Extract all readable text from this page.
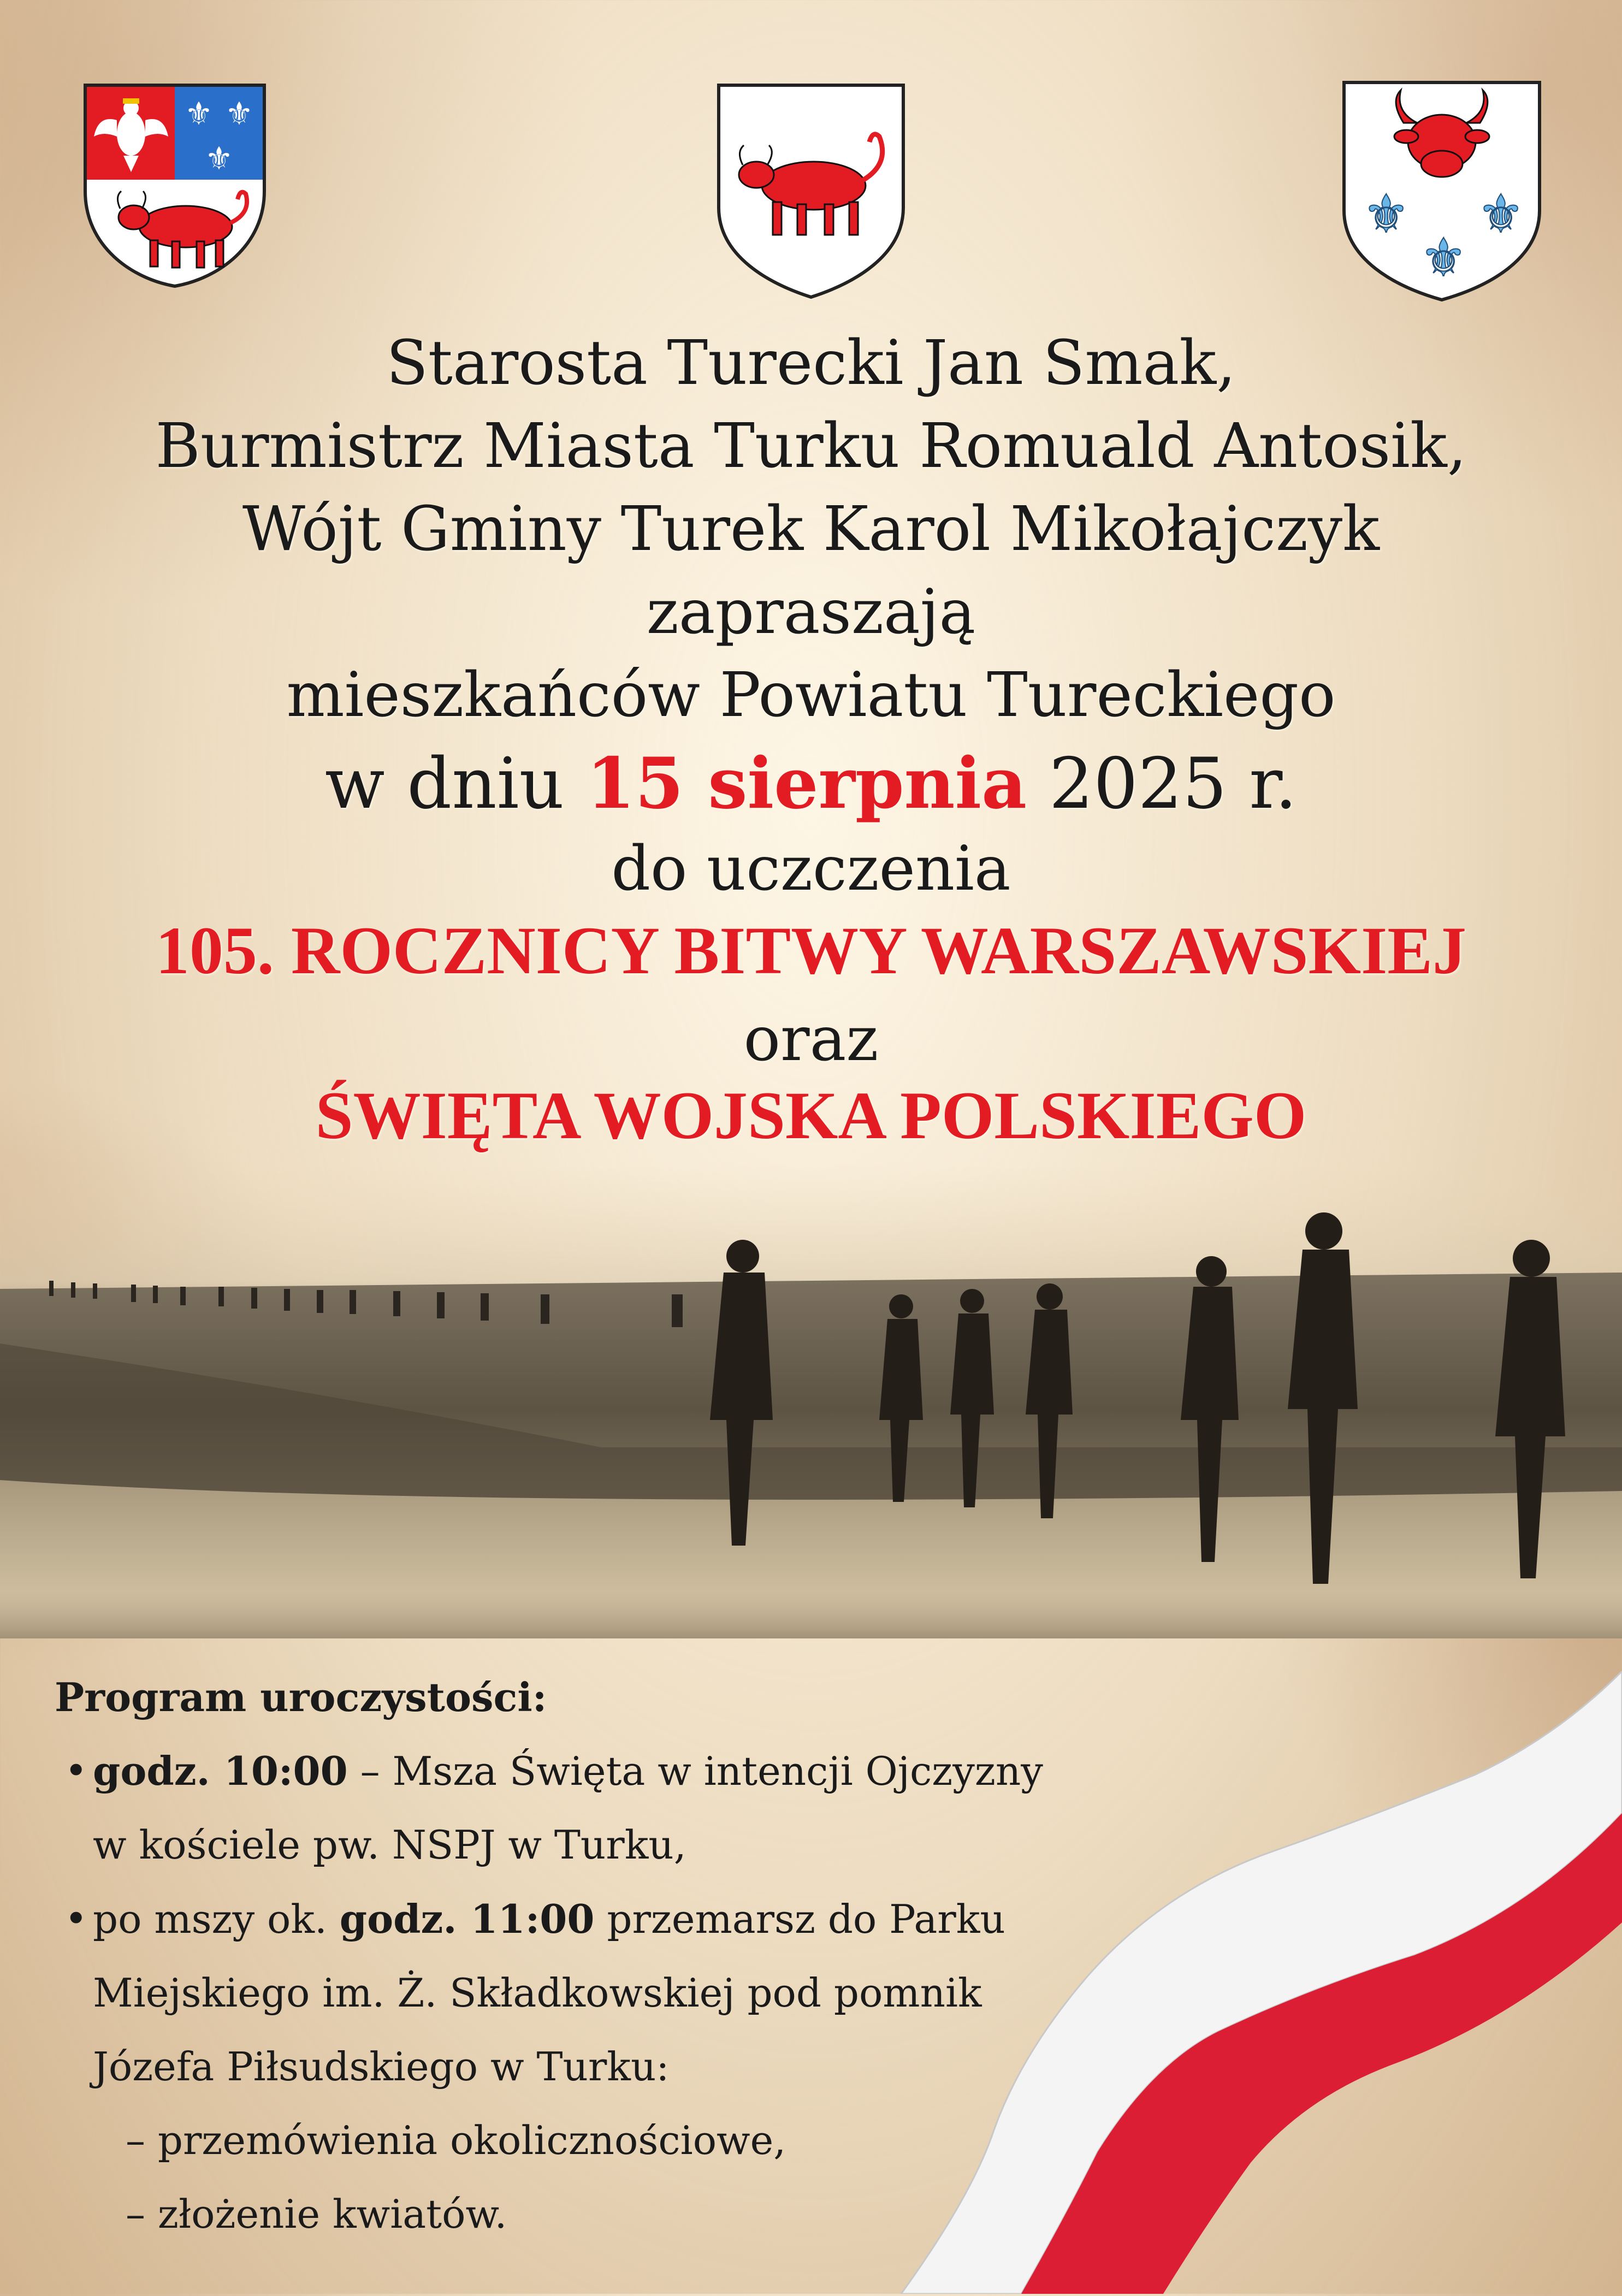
⚜ ⚜
⚜
⚜ ⚜
⚜
Starosta Turecki Jan Smak,
Burmistrz Miasta Turku Romuald Antosik,
Wójt Gminy Turek Karol Mikołajczyk
zapraszają
mieszkańców Powiatu Tureckiego
w dniu 15 sierpnia 2025 r.
do uczczenia
105. ROCZNICY BITWY WARSZAWSKIEJ
oraz
ŚWIĘTA WOJSKA POLSKIEGO
Program uroczystości:
• godz. 10:00 – Msza Święta w intencji Ojczyzny
w kościele pw. NSPJ w Turku,
• po mszy ok. godz. 11:00 przemarsz do Parku
Miejskiego im. Ż. Składkowskiej pod pomnik
Józefa Piłsudskiego w Turku:
– przemówienia okolicznościowe,
– złożenie kwiatów.
